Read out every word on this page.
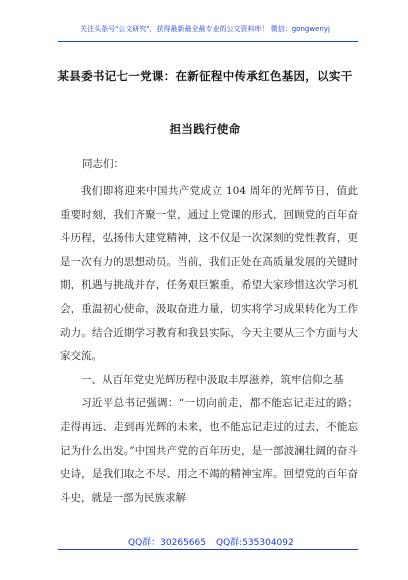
关注头条号"公文研究"，获得最新最全最专业的公文资料库！ 微信：gongwenyj
某县委书记七一党课：在新征程中传承红色基因，以实干
担当践行使命
同志们：

我们即将迎来中国共产党成立 104 周年的光辉节日，值此重要时刻，我们齐聚一堂，通过上党课的形式，回顾党的百年奋斗历程，弘扬伟大建党精神，这不仅是一次深刻的党性教育，更是一次有力的思想动员。当前，我们正处在高质量发展的关键时期，机遇与挑战并存，任务艰巨繁重，希望大家珍惜这次学习机会，重温初心使命，汲取奋进力量，切实将学习成果转化为工作动力。结合近期学习教育和我县实际，今天主要从三个方面与大家交流。

一、从百年党史光辉历程中汲取丰厚滋养，筑牢信仰之基

习近平总书记强调：“一切向前走，都不能忘记走过的路；走得再远、走到再光辉的未来，也不能忘记走过的过去，不能忘记为什么出发。”中国共产党的百年历史，是一部波澜壮阔的奋斗史诗，是我们取之不尽、用之不竭的精神宝库。回望党的百年奋斗史，就是一部为民族求解

QQ群：30265665 QQ群:535304092
